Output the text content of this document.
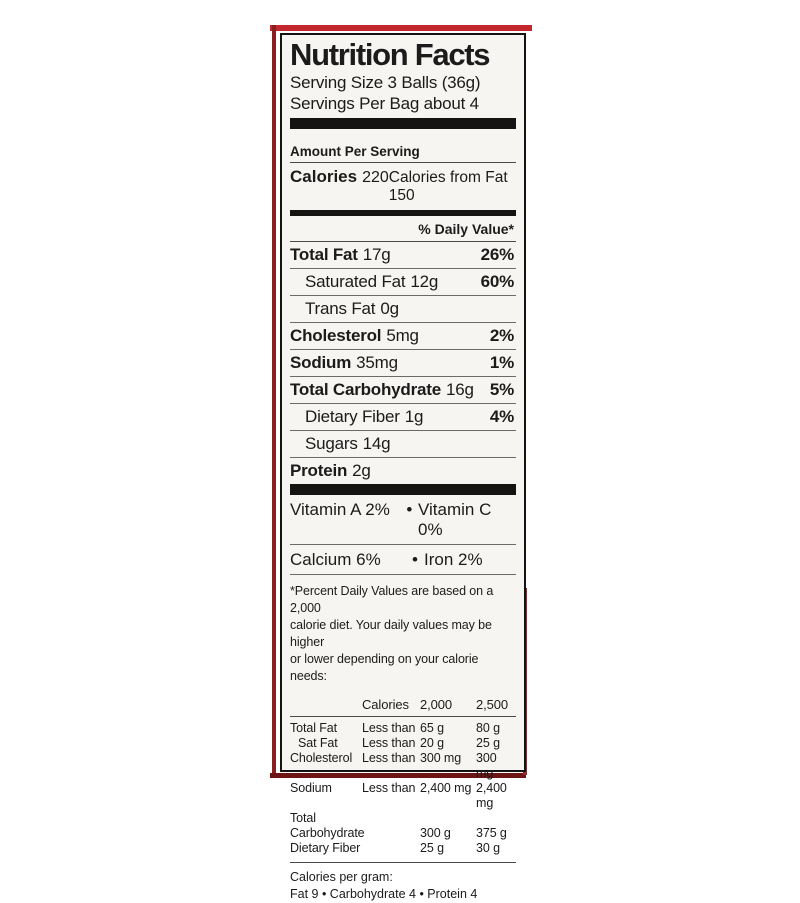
Nutrition Facts
Serving Size 3 Balls (36g)
Servings Per Bag about 4
Amount Per Serving
Calories 220 Calories from Fat 150
% Daily Value*
Total Fat 17g	26%
Saturated Fat 12g 60%
Trans Fat 0g
Cholesterol 5mg	2%
Sodium 35mg	1%
Total Carbohydrate 16g 5%
Dietary Fiber 1g	4%
Sugars 14g
Protein 2g
Vitamin A 2% • Vitamin C 0%
Calcium 6%	• Iron 2%
*Percent Daily Values are based on a 2,000
calorie diet. Your daily values may be higher
or lower depending on your calorie needs:
Calories 2,000	2,500
Total Fat	Less than 65 g	80 g
Sat Fat	Less than 20 g	25 g
Cholesterol Less than 300 mg	300 mg
Sodium	Less than 2,400 mg 2,400 mg
Total
Carbohydrate	300 g	375 g
Dietary Fiber	25 g	30 g
Calories per gram:
Fat 9 • Carbohydrate 4 • Protein 4
